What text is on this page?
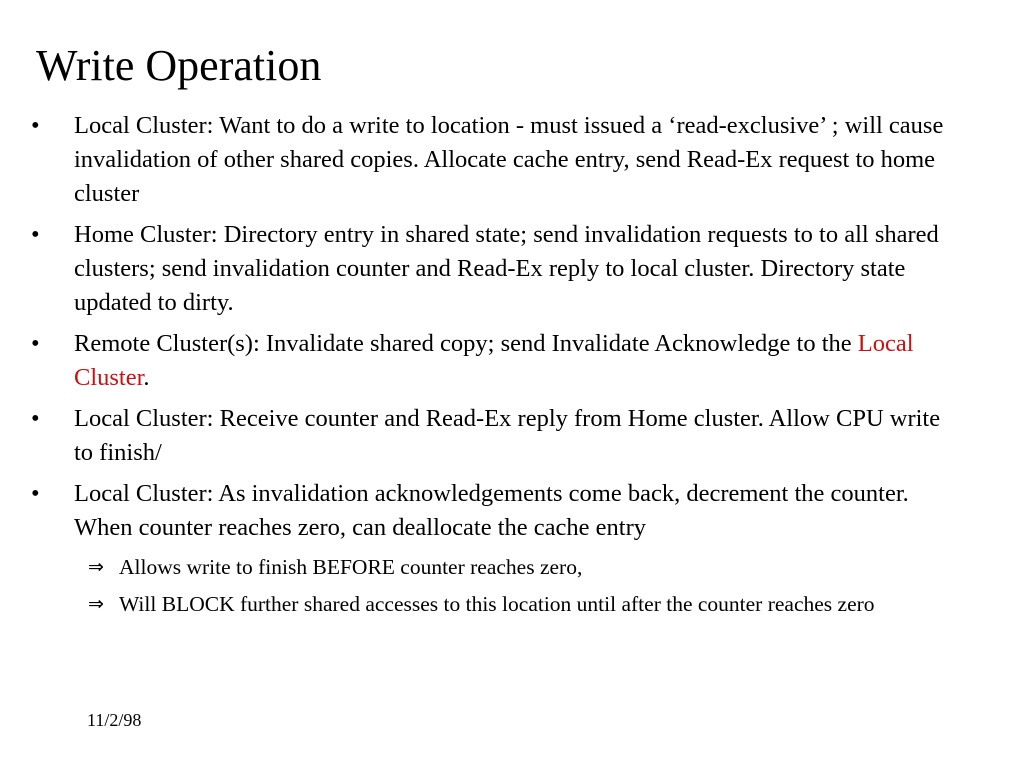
Write Operation
• Local Cluster: Want to do a write to location - must issued a ‘read-exclusive’ ; will cause invalidation of other shared copies. Allocate cache entry, send Read-Ex request to home cluster
• Home Cluster: Directory entry in shared state; send invalidation requests to to all shared clusters; send invalidation counter and Read-Ex reply to local cluster. Directory state updated to dirty.
• Remote Cluster(s): Invalidate shared copy; send Invalidate Acknowledge to the Local Cluster.
• Local Cluster: Receive counter and Read-Ex reply from Home cluster. Allow CPU write to finish/
• Local Cluster: As invalidation acknowledgements come back, decrement the counter. When counter reaches zero, can deallocate the cache entry
⇒ Allows write to finish BEFORE counter reaches zero,
⇒ Will BLOCK further shared accesses to this location until after the counter reaches zero
11/2/98
